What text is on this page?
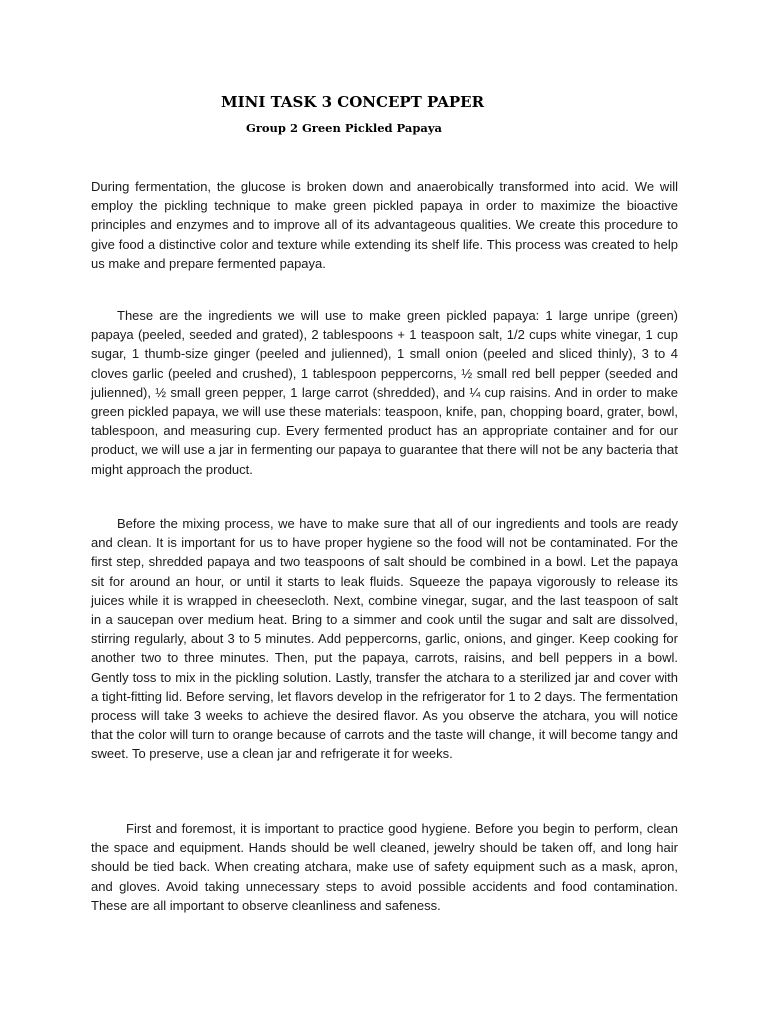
MINI TASK 3 CONCEPT PAPER
Group 2 Green Pickled Papaya

During fermentation, the glucose is broken down and anaerobically transformed into acid. We will employ the pickling technique to make green pickled papaya in order to maximize the bioactive principles and enzymes and to improve all of its advantageous qualities. We create this procedure to give food a distinctive color and texture while extending its shelf life. This process was created to help us make and prepare fermented papaya.

These are the ingredients we will use to make green pickled papaya: 1 large unripe (green) papaya (peeled, seeded and grated), 2 tablespoons + 1 teaspoon salt, 1/2 cups white vinegar, 1 cup sugar, 1 thumb-size ginger (peeled and julienned), 1 small onion (peeled and sliced thinly), 3 to 4 cloves garlic (peeled and crushed), 1 tablespoon peppercorns, ½ small red bell pepper (seeded and julienned), ½ small green pepper, 1 large carrot (shredded), and ¼ cup raisins. And in order to make green pickled papaya, we will use these materials: teaspoon, knife, pan, chopping board, grater, bowl, tablespoon, and measuring cup. Every fermented product has an appropriate container and for our product, we will use a jar in fermenting our papaya to guarantee that there will not be any bacteria that might approach the product.

Before the mixing process, we have to make sure that all of our ingredients and tools are ready and clean. It is important for us to have proper hygiene so the food will not be contaminated. For the first step, shredded papaya and two teaspoons of salt should be combined in a bowl. Let the papaya sit for around an hour, or until it starts to leak fluids. Squeeze the papaya vigorously to release its juices while it is wrapped in cheesecloth. Next, combine vinegar, sugar, and the last teaspoon of salt in a saucepan over medium heat. Bring to a simmer and cook until the sugar and salt are dissolved, stirring regularly, about 3 to 5 minutes. Add peppercorns, garlic, onions, and ginger. Keep cooking for another two to three minutes. Then, put the papaya, carrots, raisins, and bell peppers in a bowl. Gently toss to mix in the pickling solution. Lastly, transfer the atchara to a sterilized jar and cover with a tight-fitting lid. Before serving, let flavors develop in the refrigerator for 1 to 2 days. The fermentation process will take 3 weeks to achieve the desired flavor. As you observe the atchara, you will notice that the color will turn to orange because of carrots and the taste will change, it will become tangy and sweet. To preserve, use a clean jar and refrigerate it for weeks.

First and foremost, it is important to practice good hygiene. Before you begin to perform, clean the space and equipment. Hands should be well cleaned, jewelry should be taken off, and long hair should be tied back. When creating atchara, make use of safety equipment such as a mask, apron, and gloves. Avoid taking unnecessary steps to avoid possible accidents and food contamination. These are all important to observe cleanliness and safeness.
